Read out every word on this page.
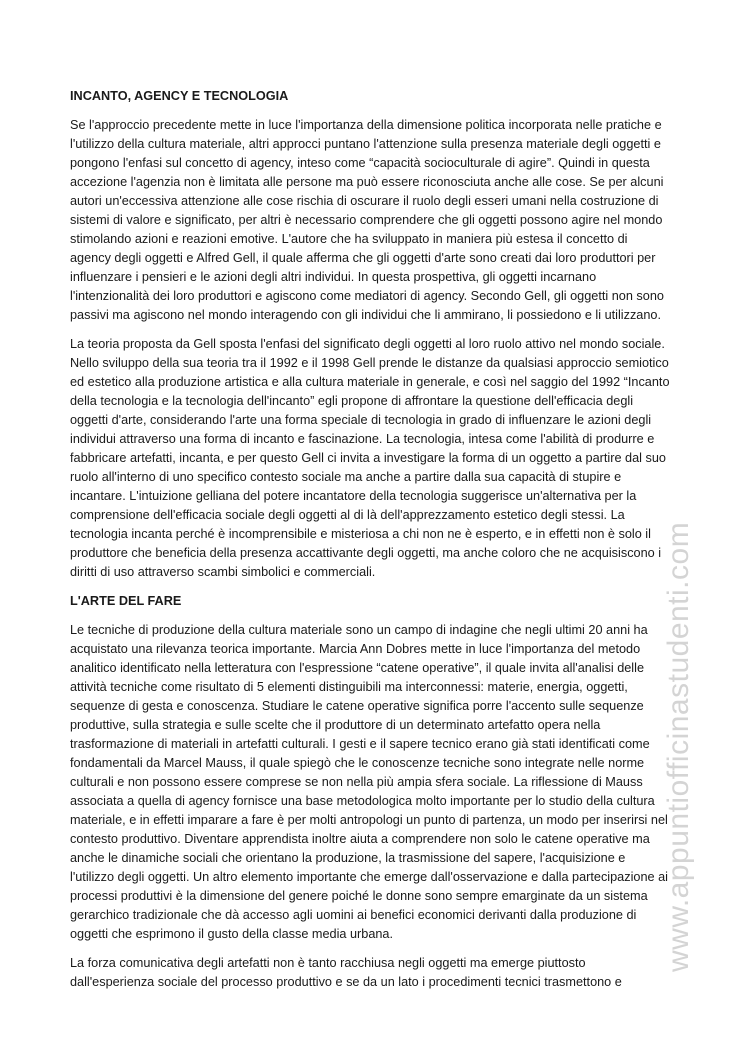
INCANTO, AGENCY E TECNOLOGIA

Se l'approccio precedente mette in luce l'importanza della dimensione politica incorporata nelle pratiche e l'utilizzo della cultura materiale, altri approcci puntano l'attenzione sulla presenza materiale degli oggetti e pongono l'enfasi sul concetto di agency, inteso come “capacità socioculturale di agire”. Quindi in questa accezione l'agenzia non è limitata alle persone ma può essere riconosciuta anche alle cose. Se per alcuni autori un'eccessiva attenzione alle cose rischia di oscurare il ruolo degli esseri umani nella costruzione di sistemi di valore e significato, per altri è necessario comprendere che gli oggetti possono agire nel mondo stimolando azioni e reazioni emotive. L'autore che ha sviluppato in maniera più estesa il concetto di agency degli oggetti e Alfred Gell, il quale afferma che gli oggetti d'arte sono creati dai loro produttori per influenzare i pensieri e le azioni degli altri individui. In questa prospettiva, gli oggetti incarnano l'intenzionalità dei loro produttori e agiscono come mediatori di agency. Secondo Gell, gli oggetti non sono passivi ma agiscono nel mondo interagendo con gli individui che li ammirano, li possiedono e li utilizzano.

La teoria proposta da Gell sposta l'enfasi del significato degli oggetti al loro ruolo attivo nel mondo sociale. Nello sviluppo della sua teoria tra il 1992 e il 1998 Gell prende le distanze da qualsiasi approccio semiotico ed estetico alla produzione artistica e alla cultura materiale in generale, e così nel saggio del 1992 “Incanto della tecnologia e la tecnologia dell'incanto” egli propone di affrontare la questione dell'efficacia degli oggetti d'arte, considerando l'arte una forma speciale di tecnologia in grado di influenzare le azioni degli individui attraverso una forma di incanto e fascinazione. La tecnologia, intesa come l'abilità di produrre e fabbricare artefatti, incanta, e per questo Gell ci invita a investigare la forma di un oggetto a partire dal suo ruolo all'interno di uno specifico contesto sociale ma anche a partire dalla sua capacità di stupire e incantare. L'intuizione gelliana del potere incantatore della tecnologia suggerisce un'alternativa per la comprensione dell'efficacia sociale degli oggetti al di là dell'apprezzamento estetico degli stessi. La tecnologia incanta perché è incomprensibile e misteriosa a chi non ne è esperto, e in effetti non è solo il produttore che beneficia della presenza accattivante degli oggetti, ma anche coloro che ne acquisiscono i diritti di uso attraverso scambi simbolici e commerciali.

L'ARTE DEL FARE

Le tecniche di produzione della cultura materiale sono un campo di indagine che negli ultimi 20 anni ha acquistato una rilevanza teorica importante. Marcia Ann Dobres mette in luce l'importanza del metodo analitico identificato nella letteratura con l'espressione “catene operative”, il quale invita all'analisi delle attività tecniche come risultato di 5 elementi distinguibili ma interconnessi: materie, energia, oggetti, sequenze di gesta e conoscenza. Studiare le catene operative significa porre l'accento sulle sequenze produttive, sulla strategia e sulle scelte che il produttore di un determinato artefatto opera nella trasformazione di materiali in artefatti culturali. I gesti e il sapere tecnico erano già stati identificati come fondamentali da Marcel Mauss, il quale spiegò che le conoscenze tecniche sono integrate nelle norme culturali e non possono essere comprese se non nella più ampia sfera sociale. La riflessione di Mauss associata a quella di agency fornisce una base metodologica molto importante per lo studio della cultura materiale, e in effetti imparare a fare è per molti antropologi un punto di partenza, un modo per inserirsi nel contesto produttivo. Diventare apprendista inoltre aiuta a comprendere non solo le catene operative ma anche le dinamiche sociali che orientano la produzione, la trasmissione del sapere, l'acquisizione e l'utilizzo degli oggetti. Un altro elemento importante che emerge dall'osservazione e dalla partecipazione ai processi produttivi è la dimensione del genere poiché le donne sono sempre emarginate da un sistema gerarchico tradizionale che dà accesso agli uomini ai benefici economici derivanti dalla produzione di oggetti che esprimono il gusto della classe media urbana.

La forza comunicativa degli artefatti non è tanto racchiusa negli oggetti ma emerge piuttosto dall'esperienza sociale del processo produttivo e se da un lato i procedimenti tecnici trasmettono e

www.appuntiofficinastudenti.com
